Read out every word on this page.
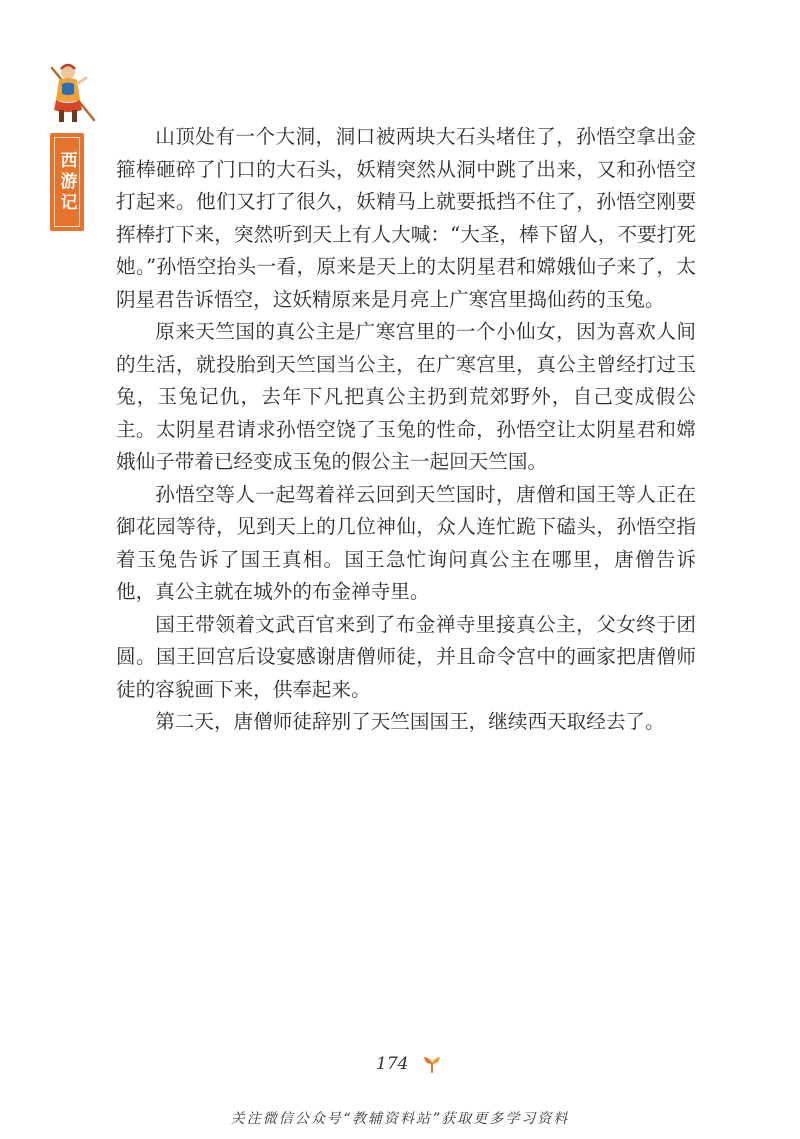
西游记

山顶处有一个大洞，洞口被两块大石头堵住了，孙悟空拿出金箍棒砸碎了门口的大石头，妖精突然从洞中跳了出来，又和孙悟空打起来。他们又打了很久，妖精马上就要抵挡不住了，孙悟空刚要挥棒打下来，突然听到天上有人大喊：“大圣，棒下留人，不要打死她。”孙悟空抬头一看，原来是天上的太阴星君和嫦娥仙子来了，太阴星君告诉悟空，这妖精原来是月亮上广寒宫里捣仙药的玉兔。

原来天竺国的真公主是广寒宫里的一个小仙女，因为喜欢人间的生活，就投胎到天竺国当公主，在广寒宫里，真公主曾经打过玉兔，玉兔记仇，去年下凡把真公主扔到荒郊野外，自己变成假公主。太阴星君请求孙悟空饶了玉兔的性命，孙悟空让太阴星君和嫦娥仙子带着已经变成玉兔的假公主一起回天竺国。

孙悟空等人一起驾着祥云回到天竺国时，唐僧和国王等人正在御花园等待，见到天上的几位神仙，众人连忙跪下磕头，孙悟空指着玉兔告诉了国王真相。国王急忙询问真公主在哪里，唐僧告诉他，真公主就在城外的布金禅寺里。

国王带领着文武百官来到了布金禅寺里接真公主，父女终于团圆。国王回宫后设宴感谢唐僧师徒，并且命令宫中的画家把唐僧师徒的容貌画下来，供奉起来。

第二天，唐僧师徒辞别了天竺国国王，继续西天取经去了。

174
关注微信公众号“教辅资料站”获取更多学习资料
